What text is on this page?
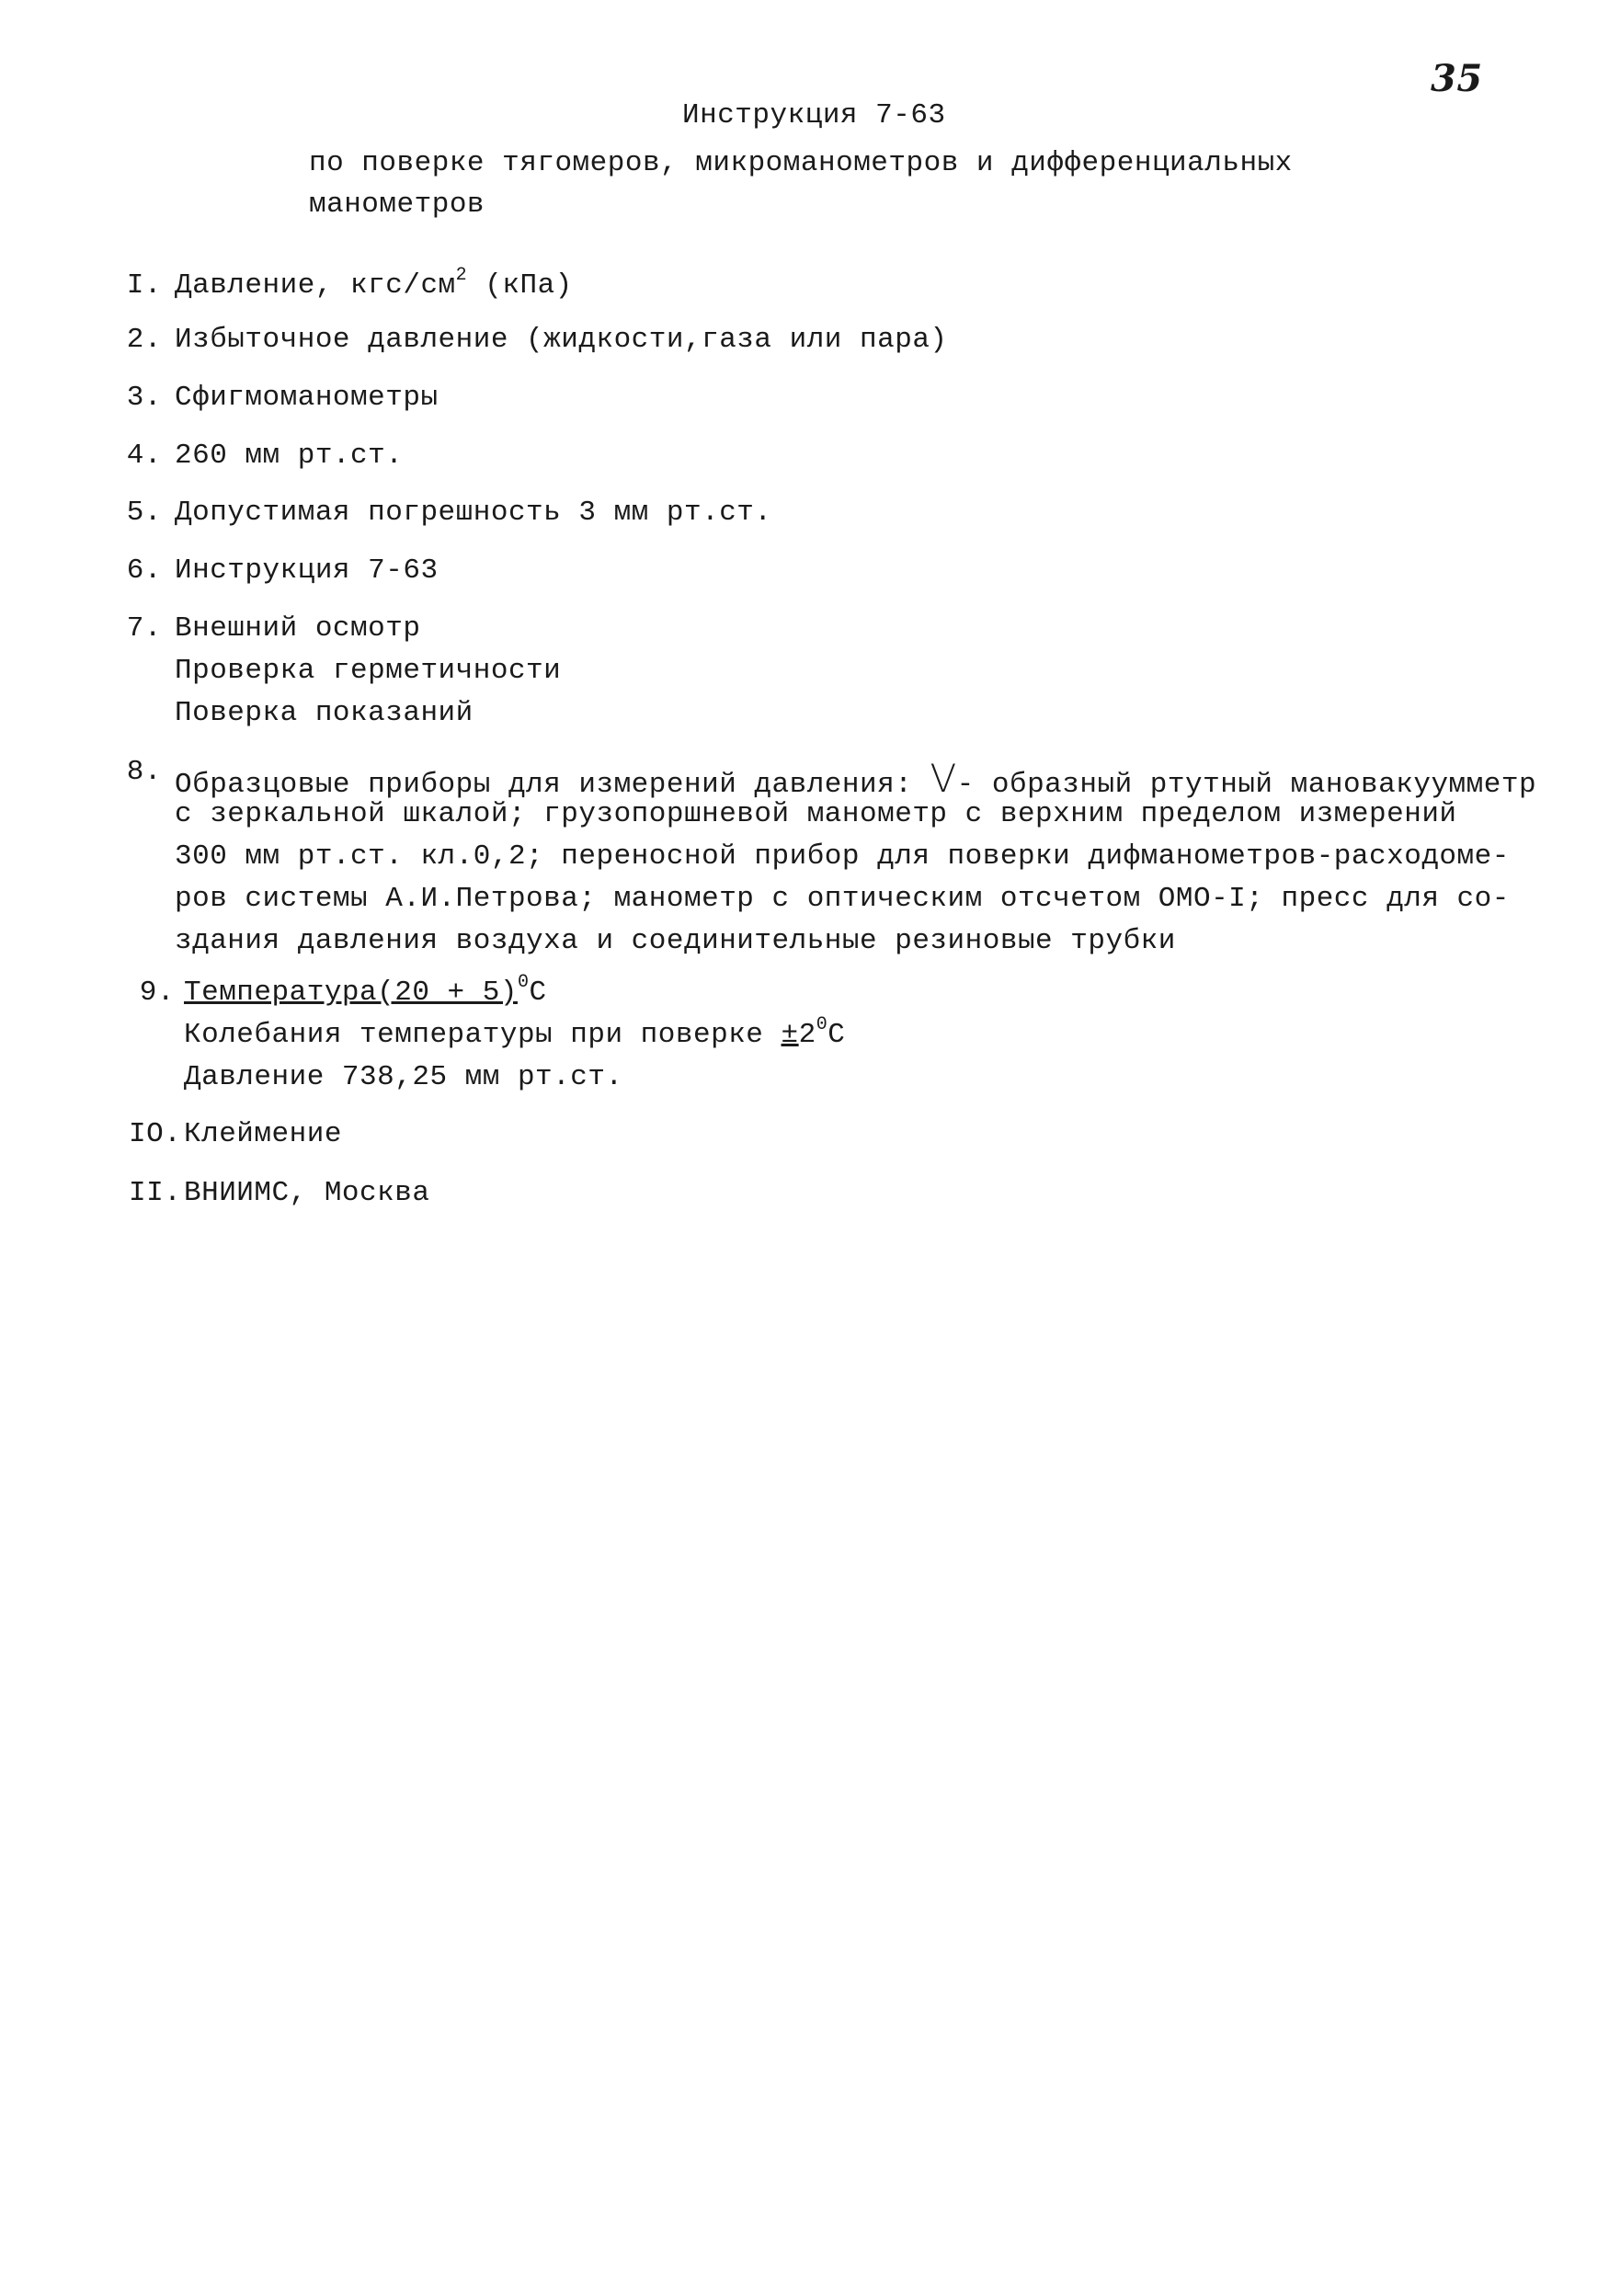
35
Инструкция 7-63
по поверке тягомеров, микроманометров и дифференциальных
манометров
I. Давление, кгс/$см^2$ (кПа)
2. Избыточное давление (жидкости,газа или пара)
3. Сфигмоманометры
4. 260 мм рт.ст.
5. Допустимая погрешность 3 мм рт.ст.
6. Инструкция 7-63
7. Внешний осмотр
Проверка герметичности
Поверка показаний
8. Образцовые приборы для измерений давления: V- образный ртутный мановакуумметр
с зеркальной шкалой; грузопоршневой манометр с верхним пределом измерений
300 мм рт.ст. кл.0,2; переносной прибор для поверки дифманометров-расходоме-
ров системы А.И.Петрова; манометр с оптическим отсчетом ОМО-I; пресс для со-
здания давления воздуха и соединительные резиновые трубки
9. Температура(20 + 5)$^0$С
Колебания температуры при поверке $\pm 2^0С$
Давление 738,25 мм рт.ст.
IO. Клеймение
II. ВНИИМС, Москва
